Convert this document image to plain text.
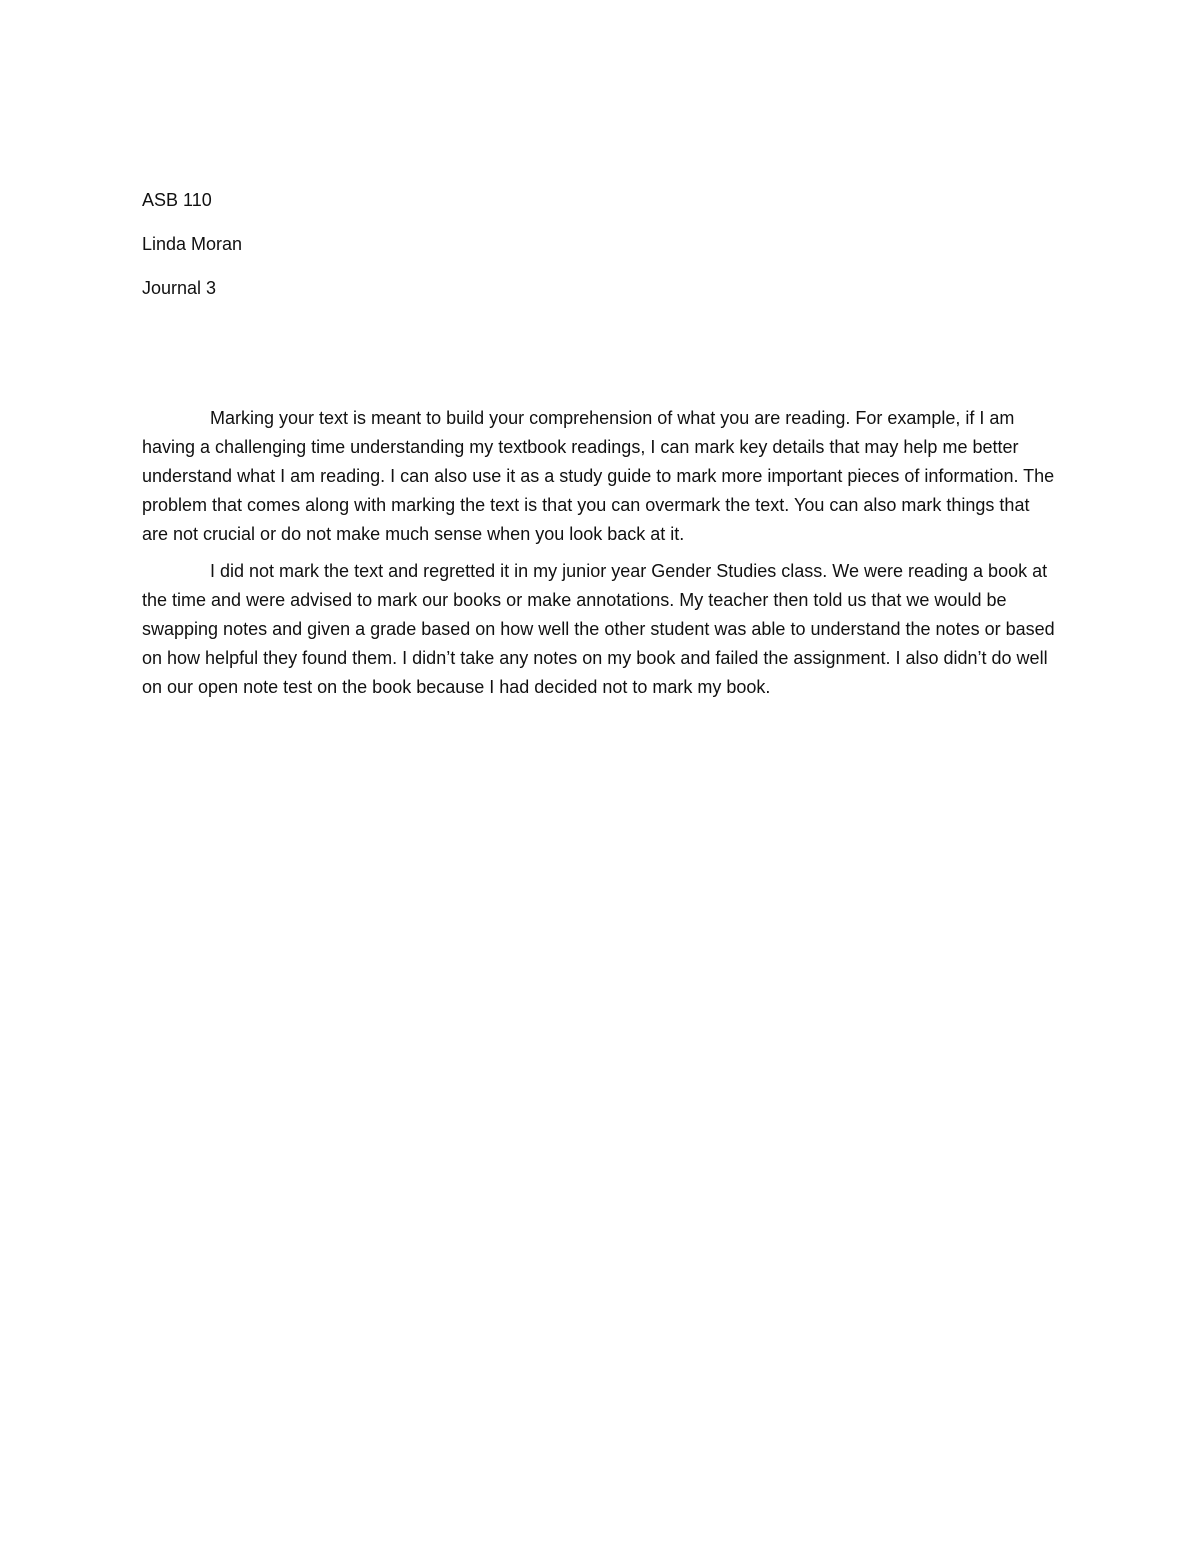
ASB 110
Linda Moran
Journal 3

Marking your text is meant to build your comprehension of what you are reading. For example, if I am having a challenging time understanding my textbook readings, I can mark key details that may help me better understand what I am reading. I can also use it as a study guide to mark more important pieces of information. The problem that comes along with marking the text is that you can overmark the text. You can also mark things that are not crucial or do not make much sense when you look back at it.

I did not mark the text and regretted it in my junior year Gender Studies class. We were reading a book at the time and were advised to mark our books or make annotations. My teacher then told us that we would be swapping notes and given a grade based on how well the other student was able to understand the notes or based on how helpful they found them. I didn’t take any notes on my book and failed the assignment. I also didn’t do well on our open note test on the book because I had decided not to mark my book.
